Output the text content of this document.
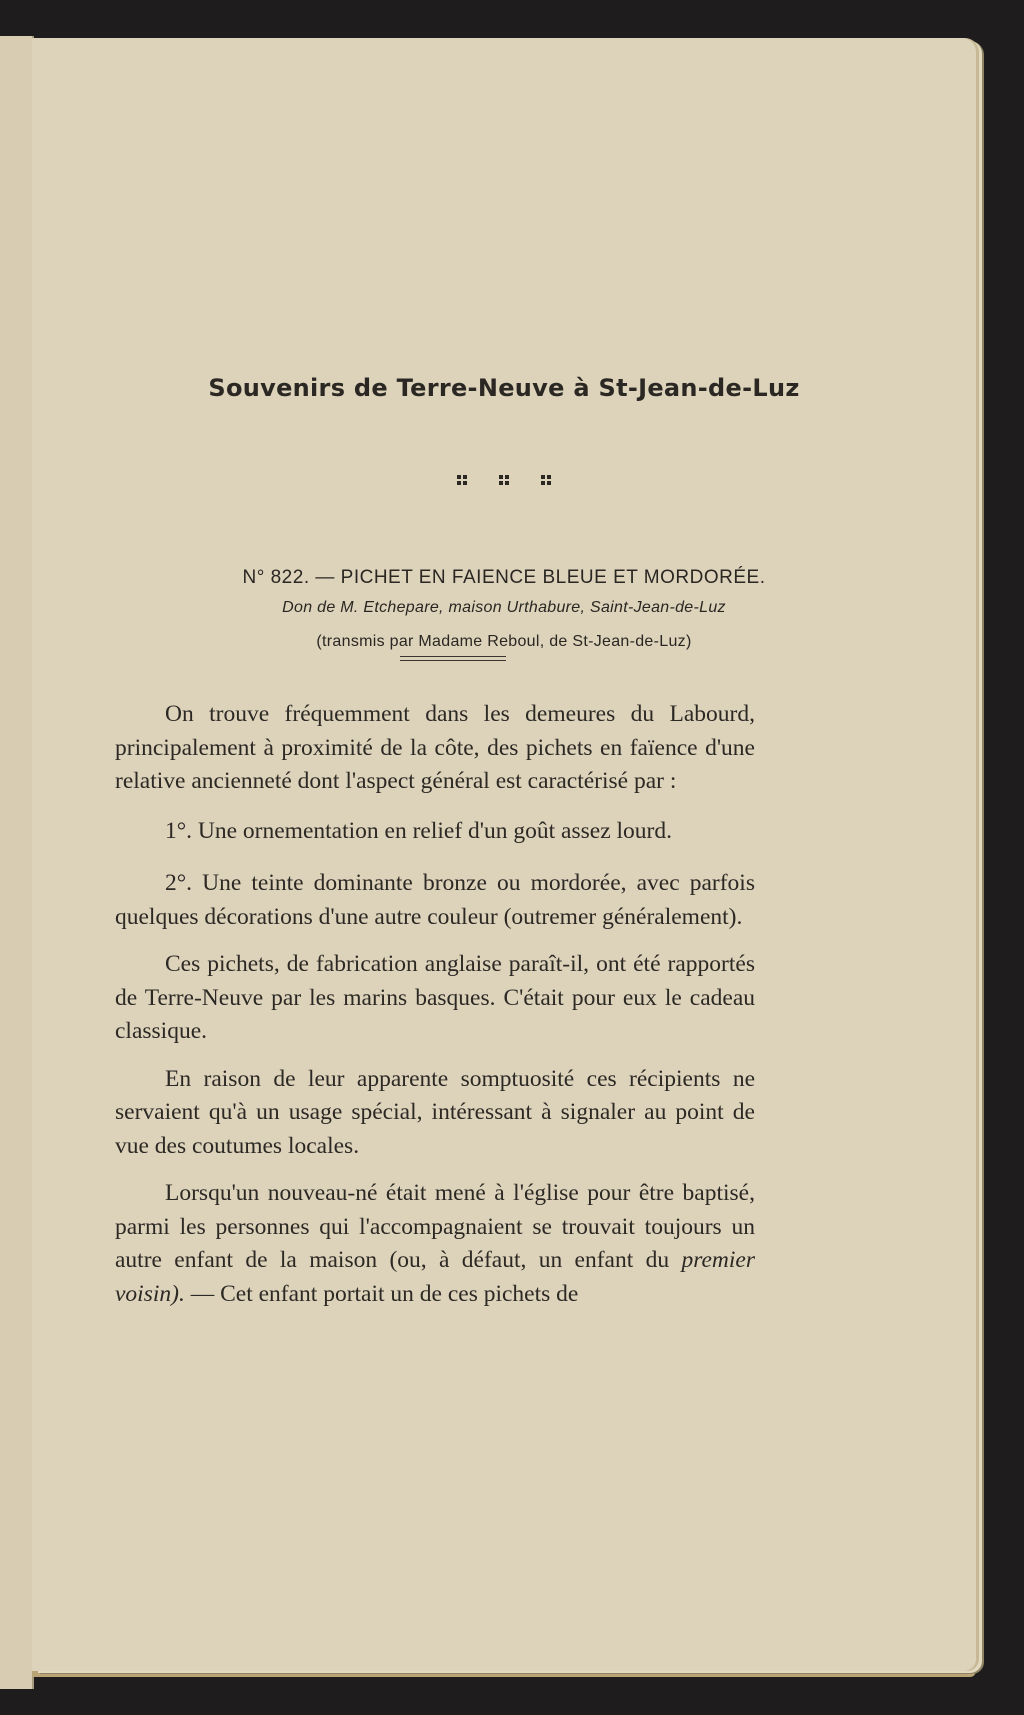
Souvenirs de Terre-Neuve à St-Jean-de-Luz

N° 822. — PICHET EN FAIENCE BLEUE ET MORDORÉE.
Don de M. Etchepare, maison Urthabure, Saint-Jean-de-Luz
(transmis par Madame Reboul, de St-Jean-de-Luz)

On trouve fréquemment dans les demeures du Labourd, principalement à proximité de la côte, des pichets en faïence d'une relative ancienneté dont l'aspect général est caractérisé par :

1°. Une ornementation en relief d'un goût assez lourd.

2°. Une teinte dominante bronze ou mordorée, avec parfois quelques décorations d'une autre couleur (outremer généralement).

Ces pichets, de fabrication anglaise paraît-il, ont été rapportés de Terre-Neuve par les marins basques. C'était pour eux le cadeau classique.

En raison de leur apparente somptuosité ces récipients ne servaient qu'à un usage spécial, intéressant à signaler au point de vue des coutumes locales.

Lorsqu'un nouveau-né était mené à l'église pour être baptisé, parmi les personnes qui l'accompagnaient se trouvait toujours un autre enfant de la maison (ou, à défaut, un enfant du premier voisin). — Cet enfant portait un de ces pichets de
